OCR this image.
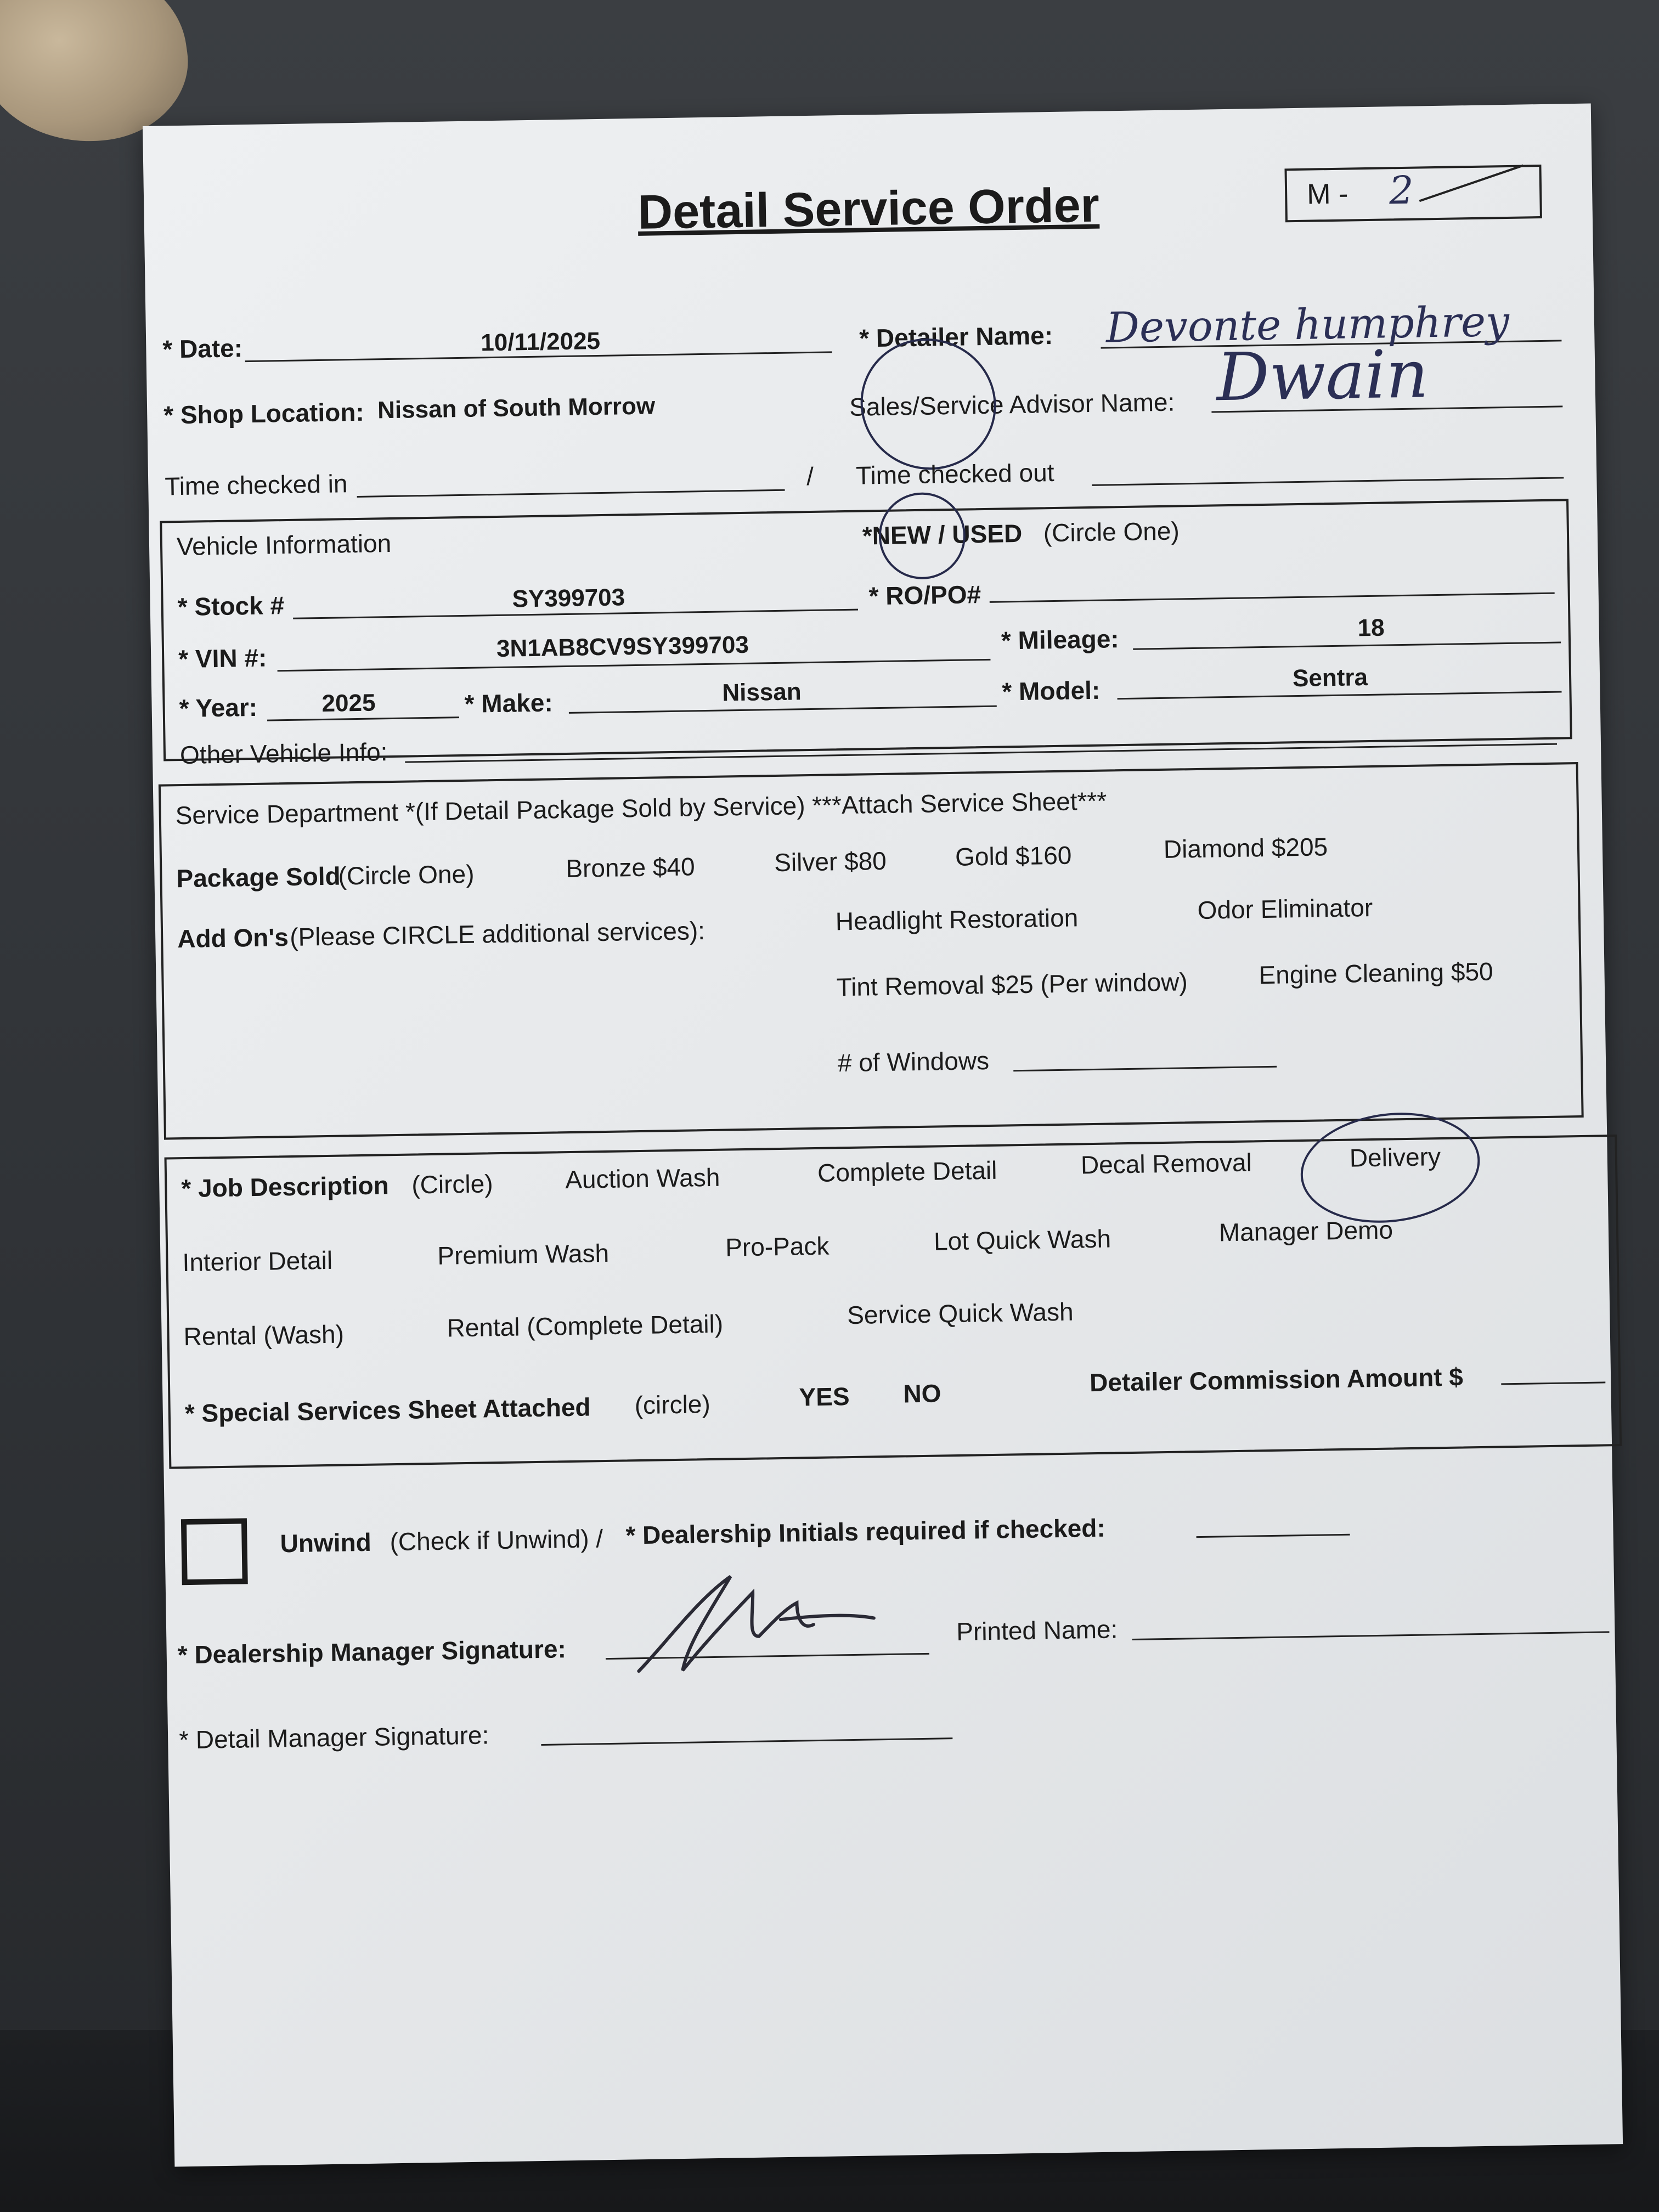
Detail Service Order	M - 2
* Date:	10/11/2025	* Detailer Name: Devonte humphrey
* Shop Location: Nissan of South Morrow	Sales/Service Advisor Name: Dwain
Time checked in	/ Time checked out
Vehicle Information	*NEW / USED (Circle One)
* Stock #	SY399703	* RO/PO#
* VIN #:	3N1AB8CV9SY399703	* Mileage:	18
* Year:	2025	* Make:	Nissan	* Model:	Sentra
Other Vehicle Info:
Service Department *(If Detail Package Sold by Service) ***Attach Service Sheet***
Package Sold
(Circle One)	Bronze $40	Silver $80	Gold $160	Diamond $205
Add On's (Please CIRCLE additional services):	Headlight Restoration	Odor Eliminator
Tint Removal $25 (Per window)	Engine Cleaning $50
# of Windows
* Job Description (Circle)	Auction Wash	Complete Detail	Decal Removal	Delivery
Interior Detail	Premium Wash	Pro-Pack	Lot Quick Wash	Manager Demo
Rental (Wash)	Rental (Complete Detail)	Service Quick Wash
* Special Services Sheet Attached (circle)	YES NO	Detailer Commission Amount $
Unwind (Check if Unwind) / * Dealership Initials required if checked:
* Dealership Manager Signature:
Printed Name:
* Detail Manager Signature:
